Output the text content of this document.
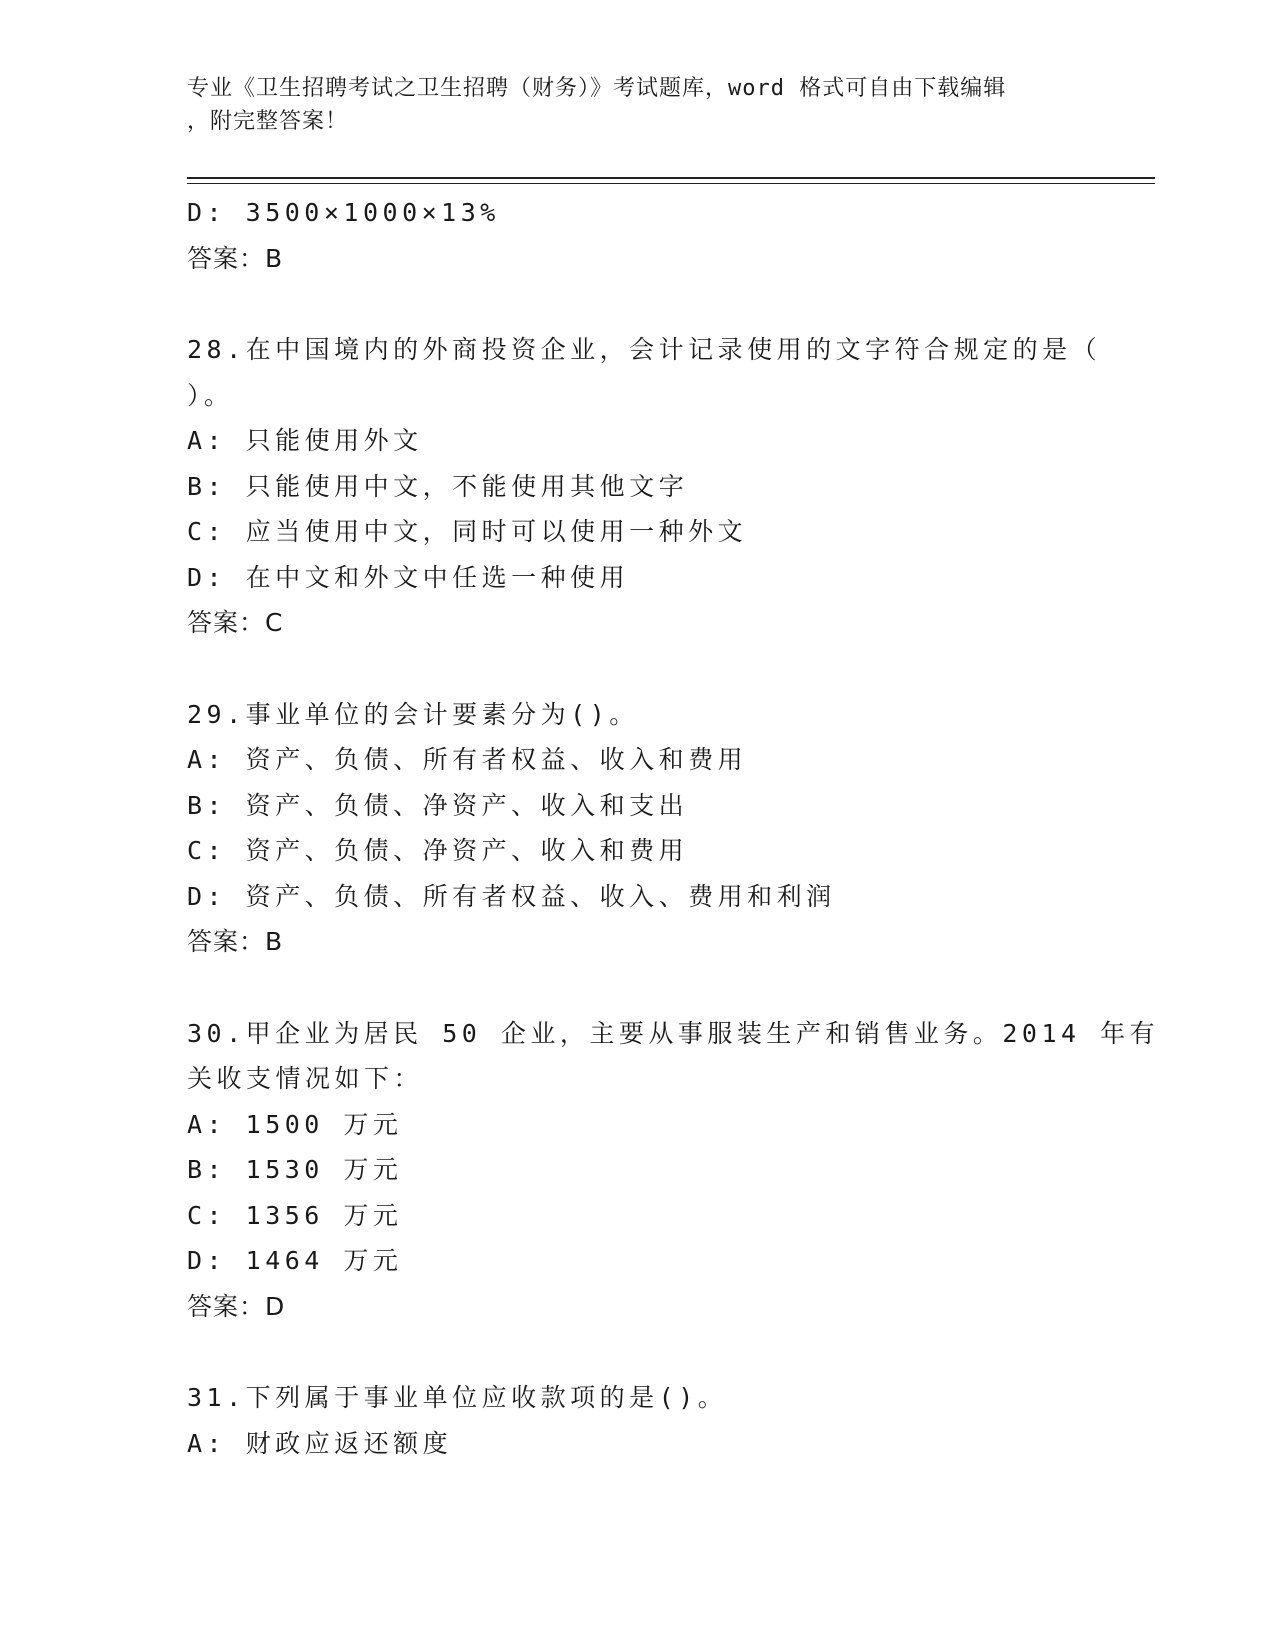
专业《卫生招聘考试之卫生招聘（财务）》考试题库，word 格式可自由下载编辑
，附完整答案！
D: 3500×1000×13%
答案：B
28.在中国境内的外商投资企业，会计记录使用的文字符合规定的是（
）。
A: 只能使用外文
B: 只能使用中文，不能使用其他文字
C: 应当使用中文，同时可以使用一种外文
D: 在中文和外文中任选一种使用
答案：C
29.事业单位的会计要素分为()。
A: 资产、负债、所有者权益、收入和费用
B: 资产、负债、净资产、收入和支出
C: 资产、负债、净资产、收入和费用
D: 资产、负债、所有者权益、收入、费用和利润
答案：B
30.甲企业为居民 50 企业，主要从事服装生产和销售业务。2014 年有
关收支情况如下：
A: 1500 万元
B: 1530 万元
C: 1356 万元
D: 1464 万元
答案：D
31.下列属于事业单位应收款项的是()。
A: 财政应返还额度
